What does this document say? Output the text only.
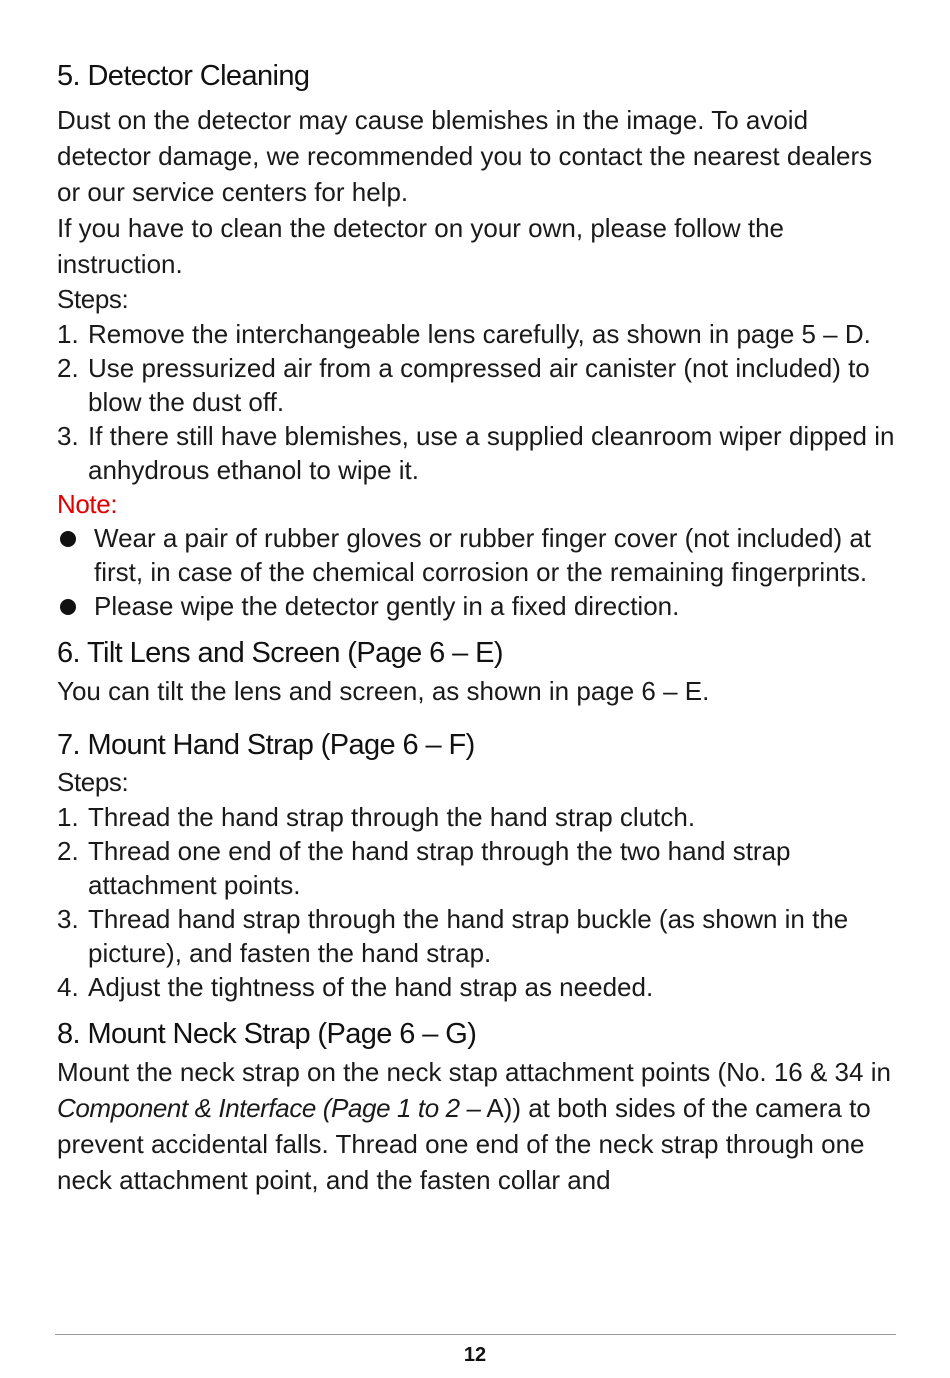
5. Detector Cleaning

Dust on the detector may cause blemishes in the image. To avoid detector damage, we recommended you to contact the nearest dealers or our service centers for help.

If you have to clean the detector on your own, please follow the instruction.

Steps:
1. Remove the interchangeable lens carefully, as shown in page 5 – D.
2. Use pressurized air from a compressed air canister (not included) to blow the dust off.
3. If there still have blemishes, use a supplied cleanroom wiper dipped in anhydrous ethanol to wipe it.
Note:
Wear a pair of rubber gloves or rubber finger cover (not included) at first, in case of the chemical corrosion or the remaining fingerprints.
Please wipe the detector gently in a fixed direction.
6. Tilt Lens and Screen (Page 6 – E)

You can tilt the lens and screen, as shown in page 6 – E.

7. Mount Hand Strap (Page 6 – F)
Steps:
1. Thread the hand strap through the hand strap clutch.
2. Thread one end of the hand strap through the two hand strap attachment points.
3. Thread hand strap through the hand strap buckle (as shown in the picture), and fasten the hand strap.
4. Adjust the tightness of the hand strap as needed.
8. Mount Neck Strap (Page 6 – G)

Mount the neck strap on the neck stap attachment points (No. 16 & 34 in Component & Interface (Page 1 to 2 – A)) at both sides of the camera to prevent accidental falls. Thread one end of the neck strap through one neck attachment point, and the fasten collar and

12
